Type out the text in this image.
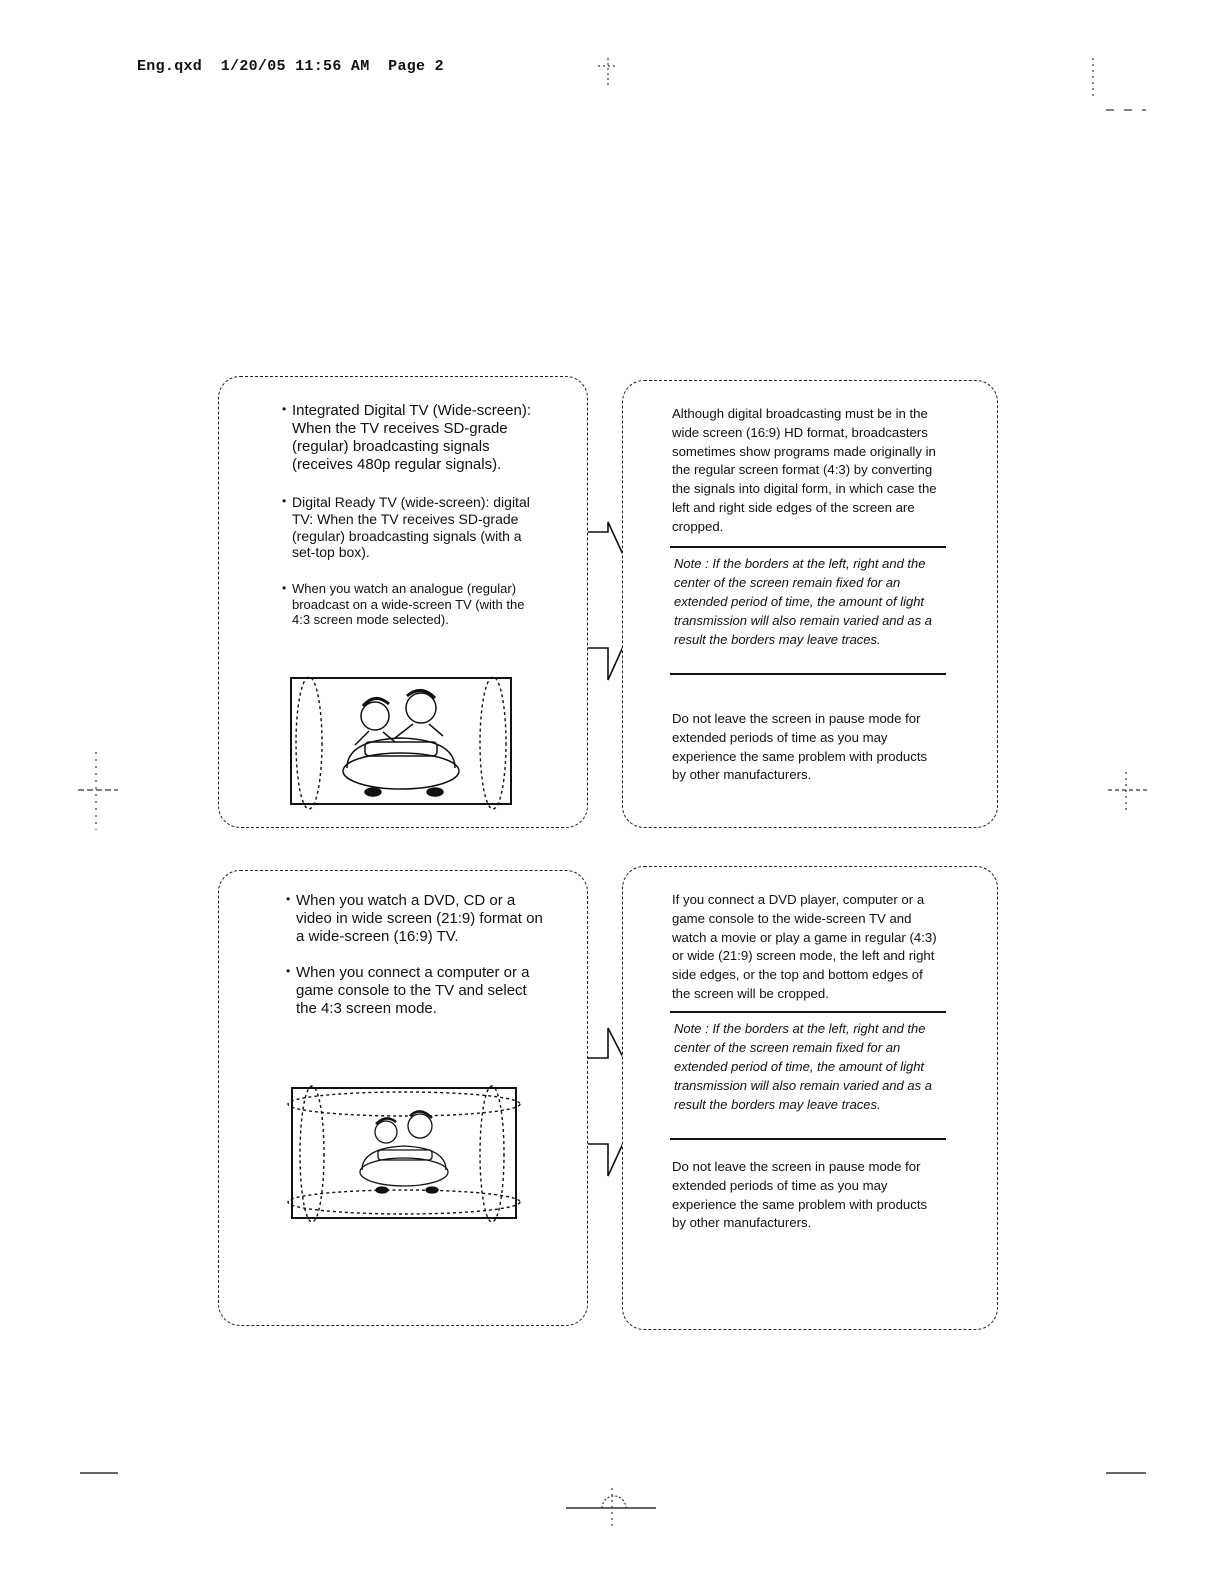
Eng.qxd  1/20/05 11:56 AM  Page 2
• Integrated Digital TV (Wide-screen): When the TV receives SD-grade (regular) broadcasting signals (receives 480p regular signals).
• Digital Ready TV (wide-screen): digital TV: When the TV receives SD-grade (regular) broadcasting signals (with a set-top box).
• When you watch an analogue (regular) broadcast on a wide-screen TV (with the 4:3 screen mode selected).

Although digital broadcasting must be in the wide screen (16:9) HD format, broadcasters sometimes show programs made originally in the regular screen format (4:3) by converting the signals into digital form, in which case the left and right side edges of the screen are cropped.

Note : If the borders at the left, right and the center of the screen remain fixed for an extended period of time, the amount of light transmission will also remain varied and as a result the borders may leave traces.

Do not leave the screen in pause mode for extended periods of time as you may experience the same problem with products by other manufacturers.

• When you watch a DVD, CD or a video in wide screen (21:9) format on a wide-screen (16:9) TV.
• When you connect a computer or a game console to the TV and select the 4:3 screen mode.

If you connect a DVD player, computer or a game console to the wide-screen TV and watch a movie or play a game in regular (4:3) or wide (21:9) screen mode, the left and right side edges, or the top and bottom edges of the screen will be cropped.

Note : If the borders at the left, right and the center of the screen remain fixed for an extended period of time, the amount of light transmission will also remain varied and as a result the borders may leave traces.

Do not leave the screen in pause mode for extended periods of time as you may experience the same problem with products by other manufacturers.
